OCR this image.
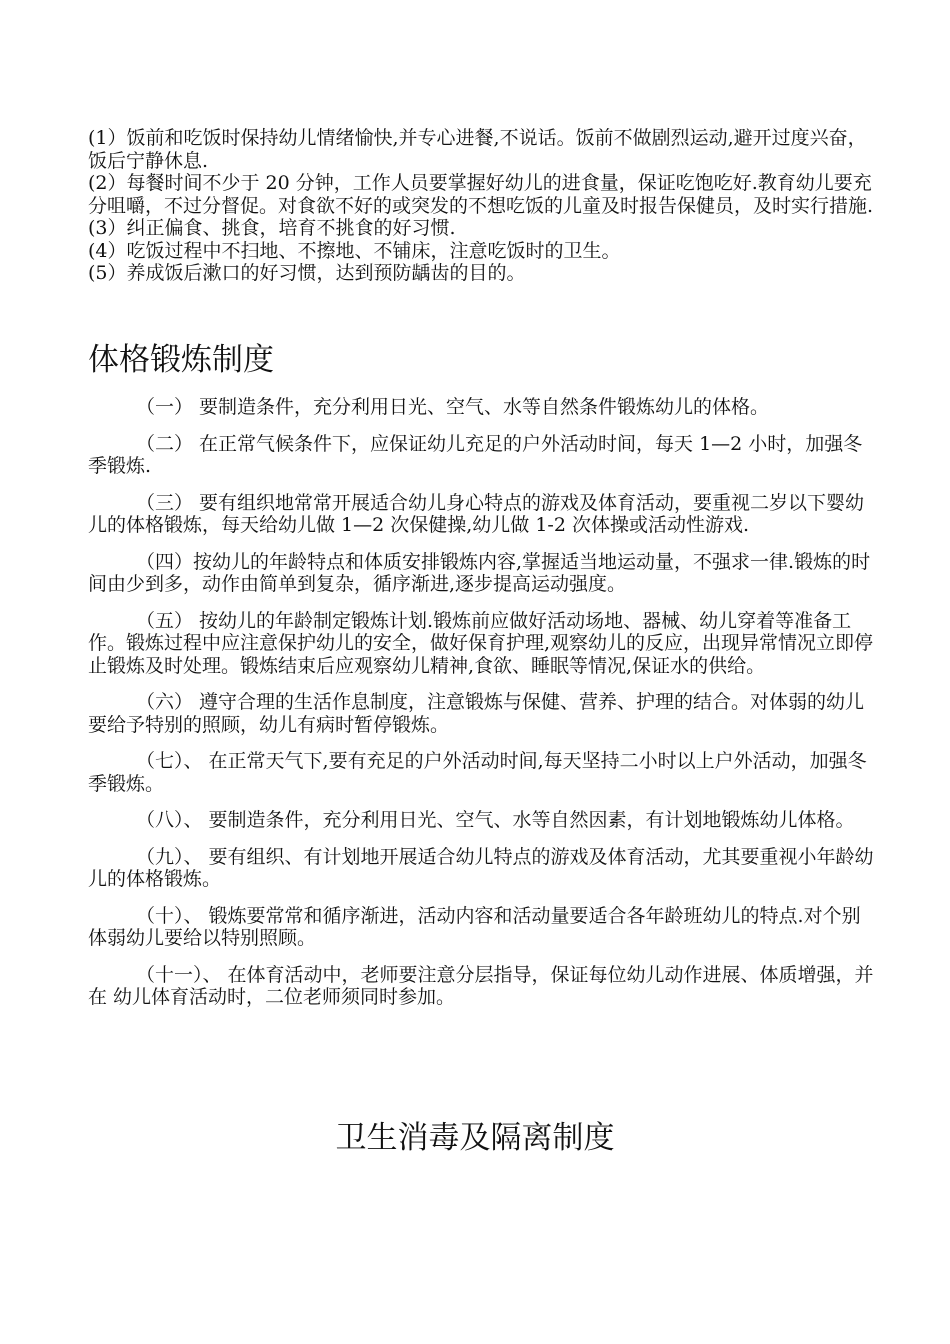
(1）饭前和吃饭时保持幼儿情绪愉快,并专心进餐,不说话。饭前不做剧烈运动,避开过度兴奋，饭后宁静休息.

(2）每餐时间不少于 20 分钟，工作人员要掌握好幼儿的进食量，保证吃饱吃好.教育幼儿要充分咀嚼，不过分督促。对食欲不好的或突发的不想吃饭的儿童及时报告保健员，及时实行措施.

(3）纠正偏食、挑食，培育不挑食的好习惯.

(4）吃饭过程中不扫地、不擦地、不铺床，注意吃饭时的卫生。

(5）养成饭后漱口的好习惯，达到预防龋齿的目的。

体格锻炼制度

（一） 要制造条件，充分利用日光、空气、水等自然条件锻炼幼儿的体格。

（二） 在正常气候条件下，应保证幼儿充足的户外活动时间，每天 1—2 小时，加强冬季锻炼.

（三） 要有组织地常常开展适合幼儿身心特点的游戏及体育活动，要重视二岁以下婴幼儿的体格锻炼，每天给幼儿做 1—2 次保健操,幼儿做 1-2 次体操或活动性游戏.

（四）按幼儿的年龄特点和体质安排锻炼内容,掌握适当地运动量，不强求一律.锻炼的时间由少到多，动作由简单到复杂，循序渐进,逐步提高运动强度。

（五） 按幼儿的年龄制定锻炼计划.锻炼前应做好活动场地、器械、幼儿穿着等准备工作。锻炼过程中应注意保护幼儿的安全，做好保育护理,观察幼儿的反应，出现异常情况立即停止锻炼及时处理。锻炼结束后应观察幼儿精神,食欲、睡眠等情况,保证水的供给。

（六） 遵守合理的生活作息制度，注意锻炼与保健、营养、护理的结合。对体弱的幼儿要给予特别的照顾，幼儿有病时暂停锻炼。

（七）、 在正常天气下,要有充足的户外活动时间,每天坚持二小时以上户外活动，加强冬季锻炼。

（八）、 要制造条件，充分利用日光、空气、水等自然因素，有计划地锻炼幼儿体格。

（九）、 要有组织、有计划地开展适合幼儿特点的游戏及体育活动，尤其要重视小年龄幼儿的体格锻炼。

（十）、 锻炼要常常和循序渐进，活动内容和活动量要适合各年龄班幼儿的特点.对个别体弱幼儿要给以特别照顾。

（十一）、 在体育活动中，老师要注意分层指导，保证每位幼儿动作进展、体质增强，并在 幼儿体育活动时，二位老师须同时参加。

卫生消毒及隔离制度
